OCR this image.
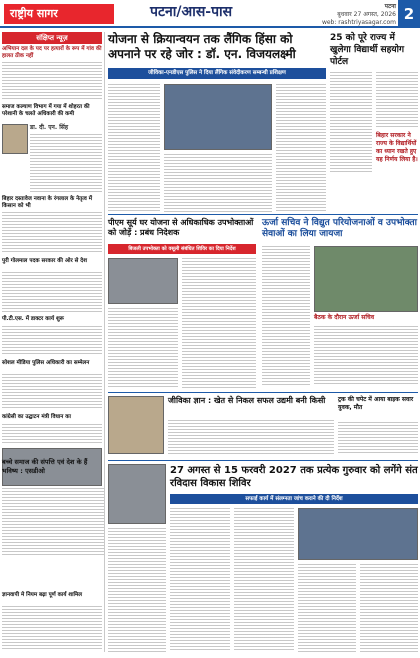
राष्ट्रीय सागर	पटना/आस-पास	पटना
बुधवार 27 अगस्त, 2026
web: rashtriyasagar.com 2
संक्षिप्त न्यूज़
अभियान दल के पद पर हत्यारों के रूप में गांव की हालत ठीक नहीं
समाज कल्याण विभाग में गया में शोहरत की परेशानी के चलते अधिकारी की कमी
डा. दी. एन. सिंह
बिहार दस्तावेज नवाना के रंगलाल के नेतृत्व में किसान को भी
पुरी गोलमाल पदक सरकार की ओर से देश
पी.टी.एस. में डाक्टर कार्य शुरू
सोशल मीडिया पुलिस अधिकारी का सम्मेलन
कांग्रेसी का उद्घाटन मंत्री विधान का
ज्ञानवापी मे नियम बढ़ा पूर्ण कार्य शामिल
योजना से क्रियान्वयन तक लैंगिक हिंसा को अपनाने पर रहे जोर : डॉ. एन. विजयलक्ष्मी
जीविका-एनडीएस पुलिस ने दिया लैंगिक संवेदीकरण सम्बन्धी प्रशिक्षण
25 को पूरे राज्य में खुलेगा विद्यार्थी सहयोग पोर्टल
बिहार सरकार ने राज्य के विद्यार्थियों का ध्यान रखते हुए यह निर्णय लिया है।
पीएम सूर्य घर योजना से अधिकाधिक उपभोक्ताओं को जोड़ें : प्रबंध निदेशक
बिजली उपभोक्ता को वसूली संबंधित शिविर का दिया निर्देश
ऊर्जा सचिव ने विद्युत परियोजनाओं व उपभोक्ता सेवाओं का लिया जायजा
बैठक के दौरान ऊर्जा सचिव
जीविका ज्ञान : खेत से निकल सफल उद्यमी बनी किसी	ट्रक की चपेट में आया बाइक सवार युवक, मौत
बच्चे समाज की संपत्ति एवं देश के हैं भविष्य : एसडीओ	27 अगस्त से 15 फरवरी 2027 तक प्रत्येक गुरुवार को लगेंगे संत रविदास विकास शिविर
सफाई कार्य में संलग्नता जांच कराने की दी निर्देश
